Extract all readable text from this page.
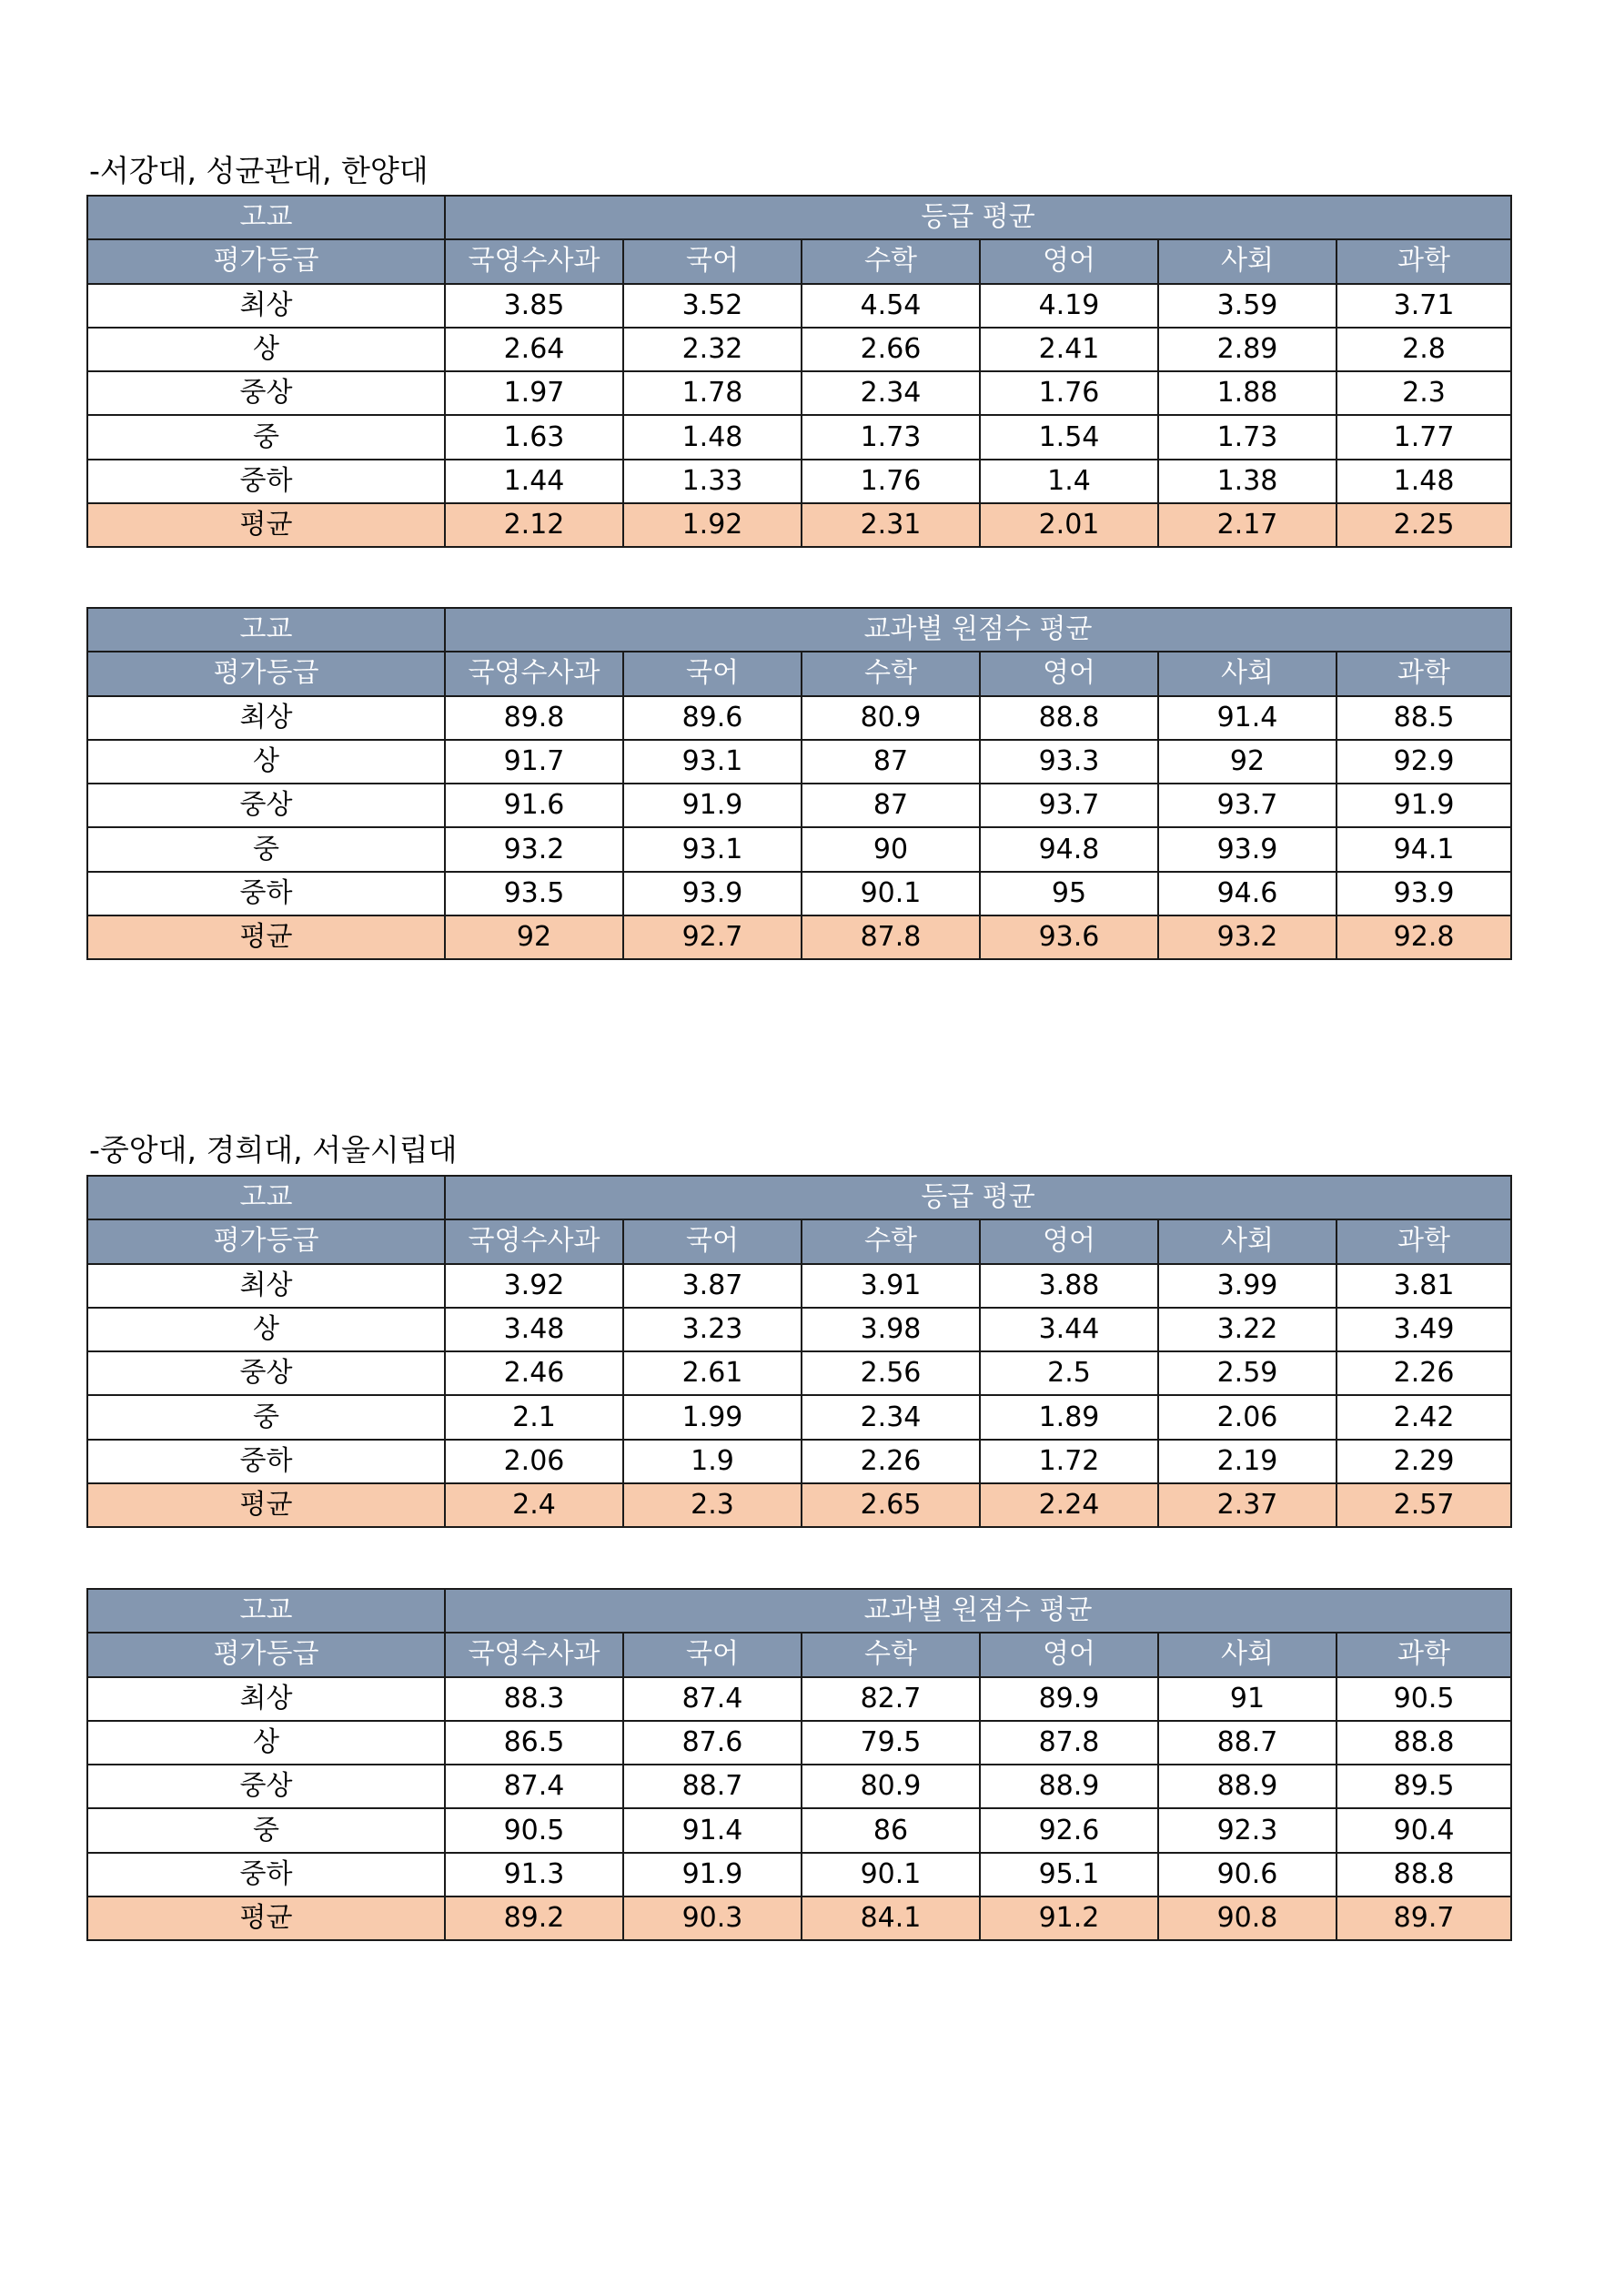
-서강대, 성균관대, 한양대
고교	등급 평균					
평가등급	국영수사과	국어	수학	영어	사회	과학
최상	3.85	3.52	4.54	4.19	3.59	3.71
상	2.64	2.32	2.66	2.41	2.89	2.8
중상	1.97	1.78	2.34	1.76	1.88	2.3
중	1.63	1.48	1.73	1.54	1.73	1.77
중하	1.44	1.33	1.76	1.4	1.38	1.48
평균	2.12	1.92	2.31	2.01	2.17	2.25
고교	교과별 원점수 평균					
평가등급	국영수사과	국어	수학	영어	사회	과학
최상	89.8	89.6	80.9	88.8	91.4	88.5
상	91.7	93.1	87	93.3	92	92.9
중상	91.6	91.9	87	93.7	93.7	91.9
중	93.2	93.1	90	94.8	93.9	94.1
중하	93.5	93.9	90.1	95	94.6	93.9
평균	92	92.7	87.8	93.6	93.2	92.8
-중앙대, 경희대, 서울시립대
고교	등급 평균					
평가등급	국영수사과	국어	수학	영어	사회	과학
최상	3.92	3.87	3.91	3.88	3.99	3.81
상	3.48	3.23	3.98	3.44	3.22	3.49
중상	2.46	2.61	2.56	2.5	2.59	2.26
중	2.1	1.99	2.34	1.89	2.06	2.42
중하	2.06	1.9	2.26	1.72	2.19	2.29
평균	2.4	2.3	2.65	2.24	2.37	2.57
고교	교과별 원점수 평균					
평가등급	국영수사과	국어	수학	영어	사회	과학
최상	88.3	87.4	82.7	89.9	91	90.5
상	86.5	87.6	79.5	87.8	88.7	88.8
중상	87.4	88.7	80.9	88.9	88.9	89.5
중	90.5	91.4	86	92.6	92.3	90.4
중하	91.3	91.9	90.1	95.1	90.6	88.8
평균	89.2	90.3	84.1	91.2	90.8	89.7
